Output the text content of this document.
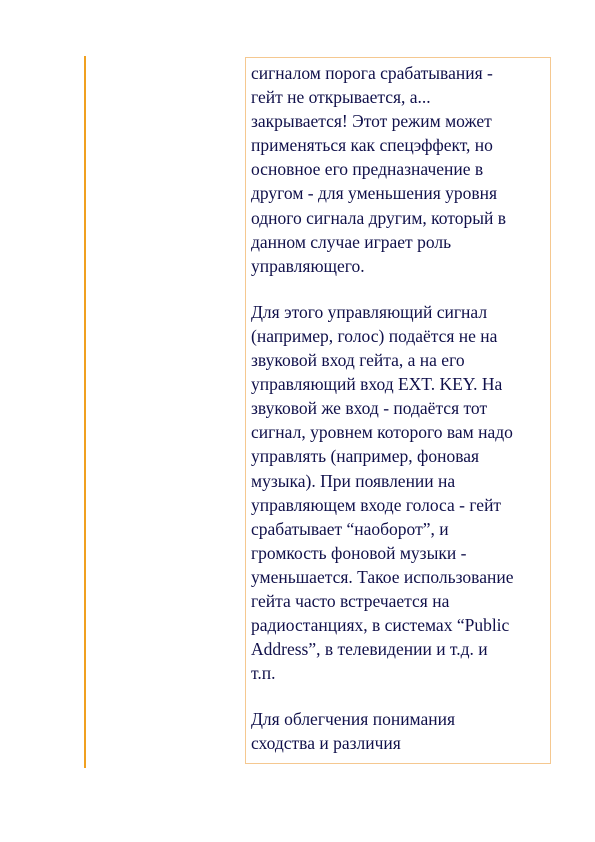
сигналом порога срабатывания -
гейт не открывается, а...
закрывается! Этот режим может
применяться как спецэффект, но
основное его предназначение в
другом - для уменьшения уровня
одного сигнала другим, который в
данном случае играет роль
управляющего.

Для этого управляющий сигнал
(например, голос) подаётся не на
звуковой вход гейта, а на его
управляющий вход EXT. KEY. На
звуковой же вход - подаётся тот
сигнал, уровнем которого вам надо
управлять (например, фоновая
музыка). При появлении на
управляющем входе голоса - гейт
срабатывает “наоборот”, и
громкость фоновой музыки -
уменьшается. Такое использование
гейта часто встречается на
радиостанциях, в системах “Public
Address”, в телевидении и т.д. и
т.п.

Для облегчения понимания
сходства и различия
